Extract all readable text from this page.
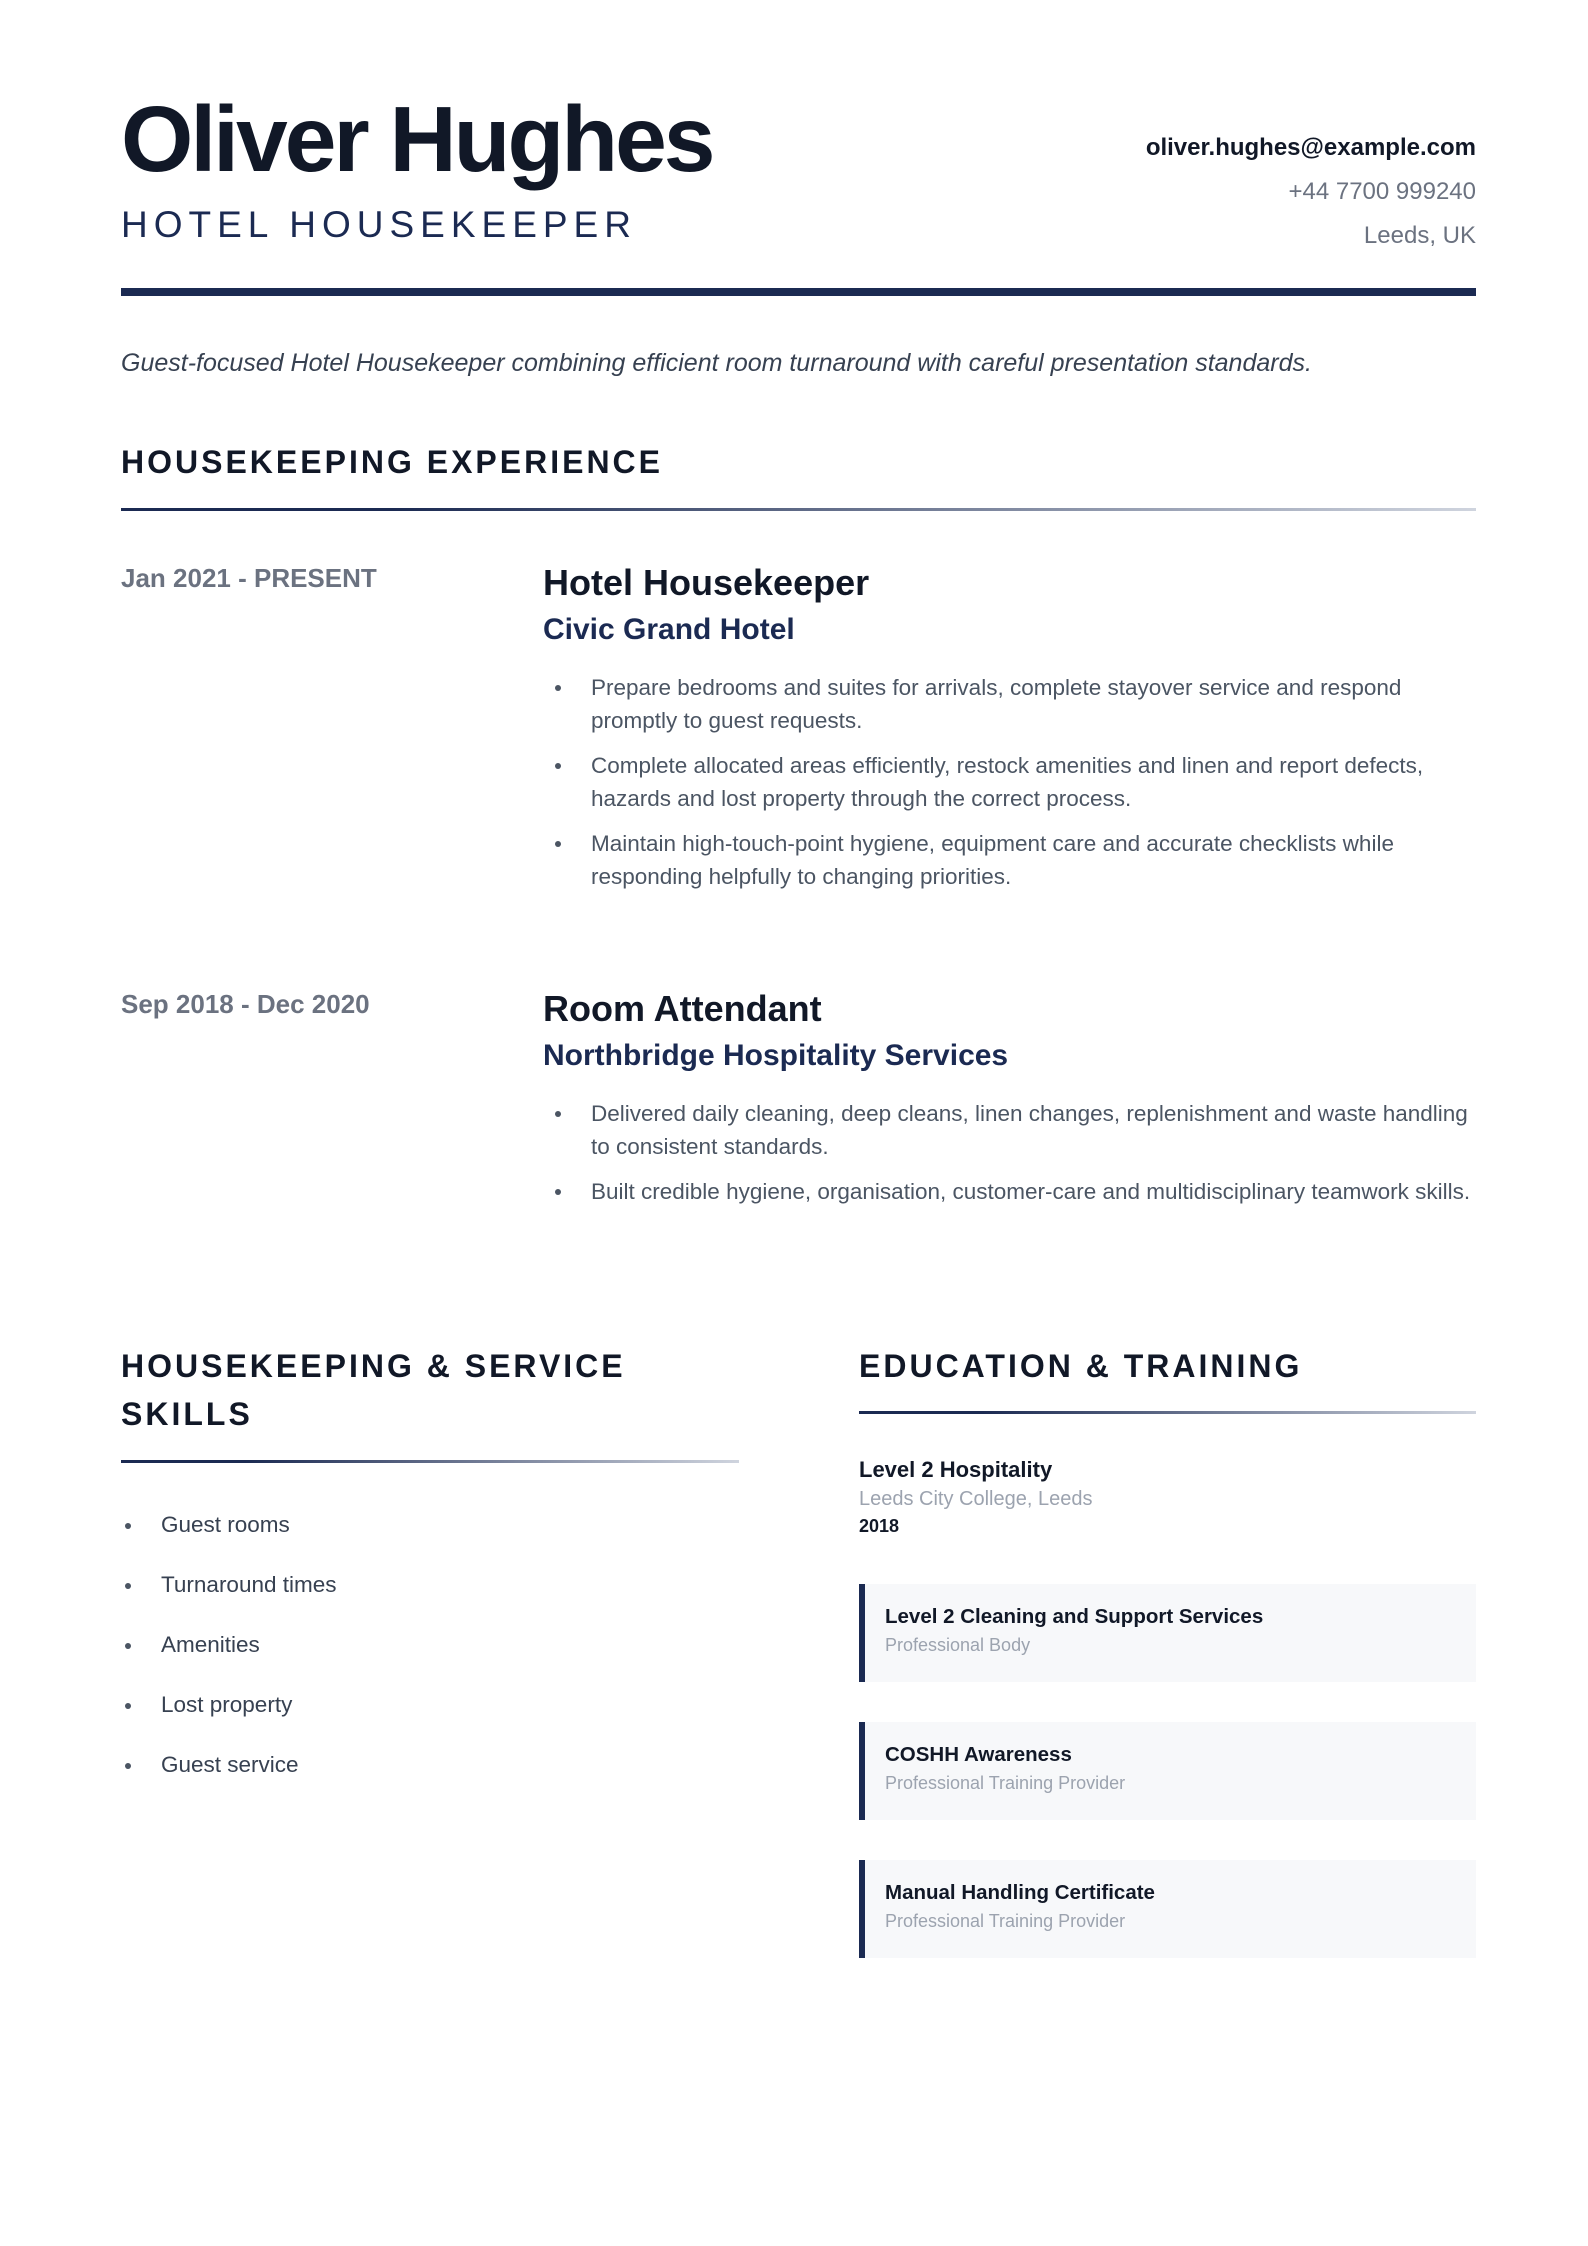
Oliver Hughes
HOTEL HOUSEKEEPER
oliver.hughes@example.com
+44 7700 999240
Leeds, UK
Guest-focused Hotel Housekeeper combining efficient room turnaround with careful presentation standards.
HOUSEKEEPING EXPERIENCE
Jan 2021 - PRESENT	Hotel Housekeeper
Civic Grand Hotel
Prepare bedrooms and suites for arrivals, complete stayover service and respond promptly to guest requests.
Complete allocated areas efficiently, restock amenities and linen and report defects, hazards and lost property through the correct process.
Maintain high-touch-point hygiene, equipment care and accurate checklists while responding helpfully to changing priorities.
Sep 2018 - Dec 2020	Room Attendant
Northbridge Hospitality Services
Delivered daily cleaning, deep cleans, linen changes, replenishment and waste handling to consistent standards.
Built credible hygiene, organisation, customer-care and multidisciplinary teamwork skills.
HOUSEKEEPING & SERVICE
SKILLS
Guest rooms
Turnaround times
Amenities
Lost property
Guest service
EDUCATION & TRAINING
Level 2 Hospitality
Leeds City College, Leeds
2018
Level 2 Cleaning and Support Services
Professional Body
COSHH Awareness
Professional Training Provider
Manual Handling Certificate
Professional Training Provider
